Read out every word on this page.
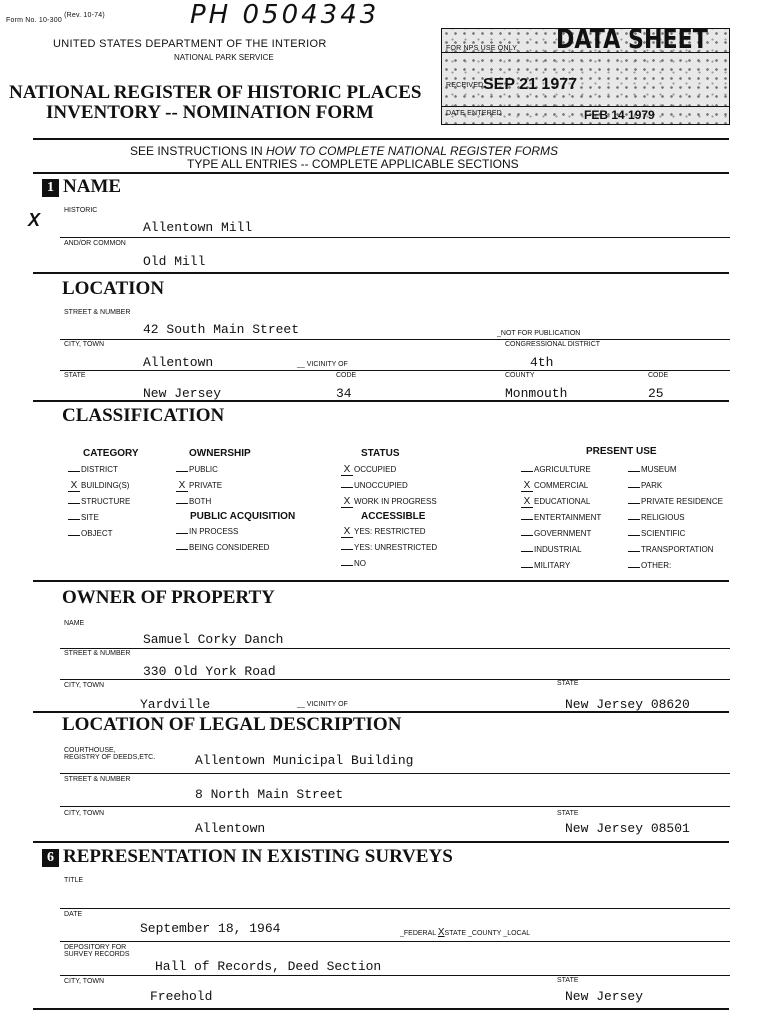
Form No. 10-300 (Rev. 10-74)	PH 0504343
UNITED STATES DEPARTMENT OF THE INTERIOR
NATIONAL PARK SERVICE
NATIONAL REGISTER OF HISTORIC PLACES
INVENTORY -- NOMINATION FORM
DATA SHEET
FOR NPS USE ONLY
RECEIVED SEP 21 1977
DATE ENTERED	FEB 14 1979
SEE INSTRUCTIONS IN HOW TO COMPLETE NATIONAL REGISTER FORMS
TYPE ALL ENTRIES -- COMPLETE APPLICABLE SECTIONS
1 NAME
X	HISTORIC
Allentown Mill
AND/OR COMMON
Old Mill
LOCATION
STREET & NUMBER
42 South Main Street	_NOT FOR PUBLICATION
CITY, TOWN	CONGRESSIONAL DISTRICT
Allentown	__ VICINITY OF	4th
STATE	CODE	COUNTY	CODE
New Jersey	34	Monmouth	25
CLASSIFICATION
CATEGORY
DISTRICT
X BUILDING(S)
STRUCTURE
SITE
OBJECT
OWNERSHIP
PUBLIC
X PRIVATE
BOTH
PUBLIC ACQUISITION
IN PROCESS
BEING CONSIDERED
STATUS
X OCCUPIED
UNOCCUPIED
X WORK IN PROGRESS
ACCESSIBLE
X YES: RESTRICTED
YES: UNRESTRICTED
NO
PRESENT USE
AGRICULTURE
X COMMERCIAL
X EDUCATIONAL
ENTERTAINMENT
GOVERNMENT
INDUSTRIAL
MILITARY
MUSEUM
PARK
PRIVATE RESIDENCE
RELIGIOUS
SCIENTIFIC
TRANSPORTATION
OTHER:
OWNER OF PROPERTY
NAME
Samuel Corky Danch
STREET & NUMBER
330 Old York Road
CITY, TOWN	STATE
Yardville	__ VICINITY OF	New Jersey 08620
LOCATION OF LEGAL DESCRIPTION
COURTHOUSE,
REGISTRY OF DEEDS,ETC.	Allentown Municipal Building
STREET & NUMBER
8 North Main Street
CITY, TOWN	STATE
Allentown	New Jersey 08501
6 REPRESENTATION IN EXISTING SURVEYS
TITLE
DATE
September 18, 1964	_FEDERAL XSTATE _COUNTY _LOCAL
DEPOSITORY FOR
SURVEY RECORDS
Hall of Records, Deed Section
CITY, TOWN	STATE
Freehold	New Jersey
